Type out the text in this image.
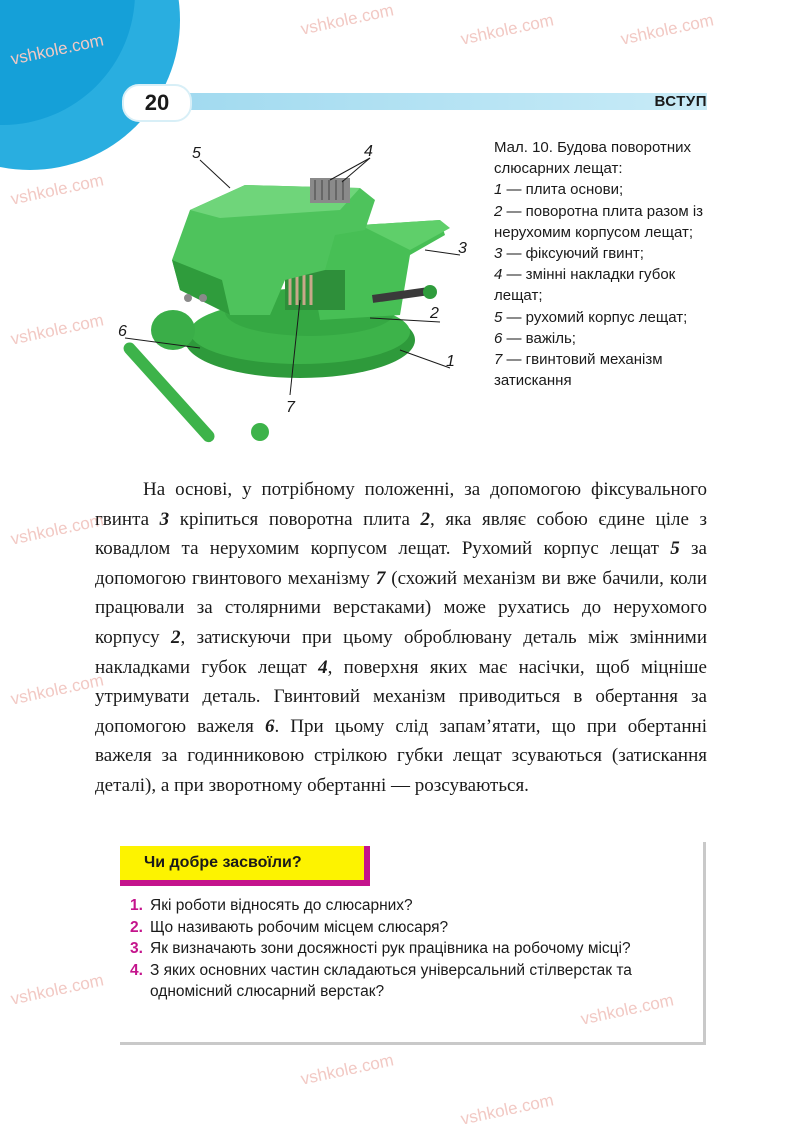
20	ВСТУП
vshkole.com
vshkole.com	vshkole.com	vshkole.com
vshkole.com
vshkole.com
vshkole.com
vshkole.com
vshkole.com
vshkole.com
vshkole.com
vshkole.com
5	4
3
2
1
6
7
Мал. 10. Будова поворотних слюсарних лещат:
1 — плита основи;
2 — поворотна плита разом із нерухомим корпусом лещат;
3 — фіксуючий гвинт;
4 — змінні накладки губок лещат;
5 — рухомий корпус лещат;
6 — важіль;
7 — гвинтовий механізм затискання

На основі, у потрібному положенні, за допомогою фіксувального гвинта 3 кріпиться поворотна плита 2, яка являє собою єдине ціле з ковадлом та нерухомим корпусом лещат. Рухомий корпус лещат 5 за допомогою гвинтового механізму 7 (схожий механізм ви вже бачили, коли працювали за столярними верстаками) може рухатись до нерухомого корпусу 2, затискуючи при цьому оброблювану деталь між змінними накладками губок лещат 4, поверхня яких має насічки, щоб міцніше утримувати деталь. Гвинтовий механізм приводиться в обертання за допомогою важеля 6. При цьому слід запам’ятати, що при обертанні важеля за годинниковою стрілкою губки лещат зсуваються (затискання деталі), а при зворотному обертанні — розсуваються.

Чи добре засвоїли?
1. Які роботи відносять до слюсарних?
2. Що називають робочим місцем слюсаря?
3. Як визначають зони досяжності рук працівника на робочому місці?
4. З яких основних частин складаються універсальний стілверстак та одномісний слюсарний верстак?
